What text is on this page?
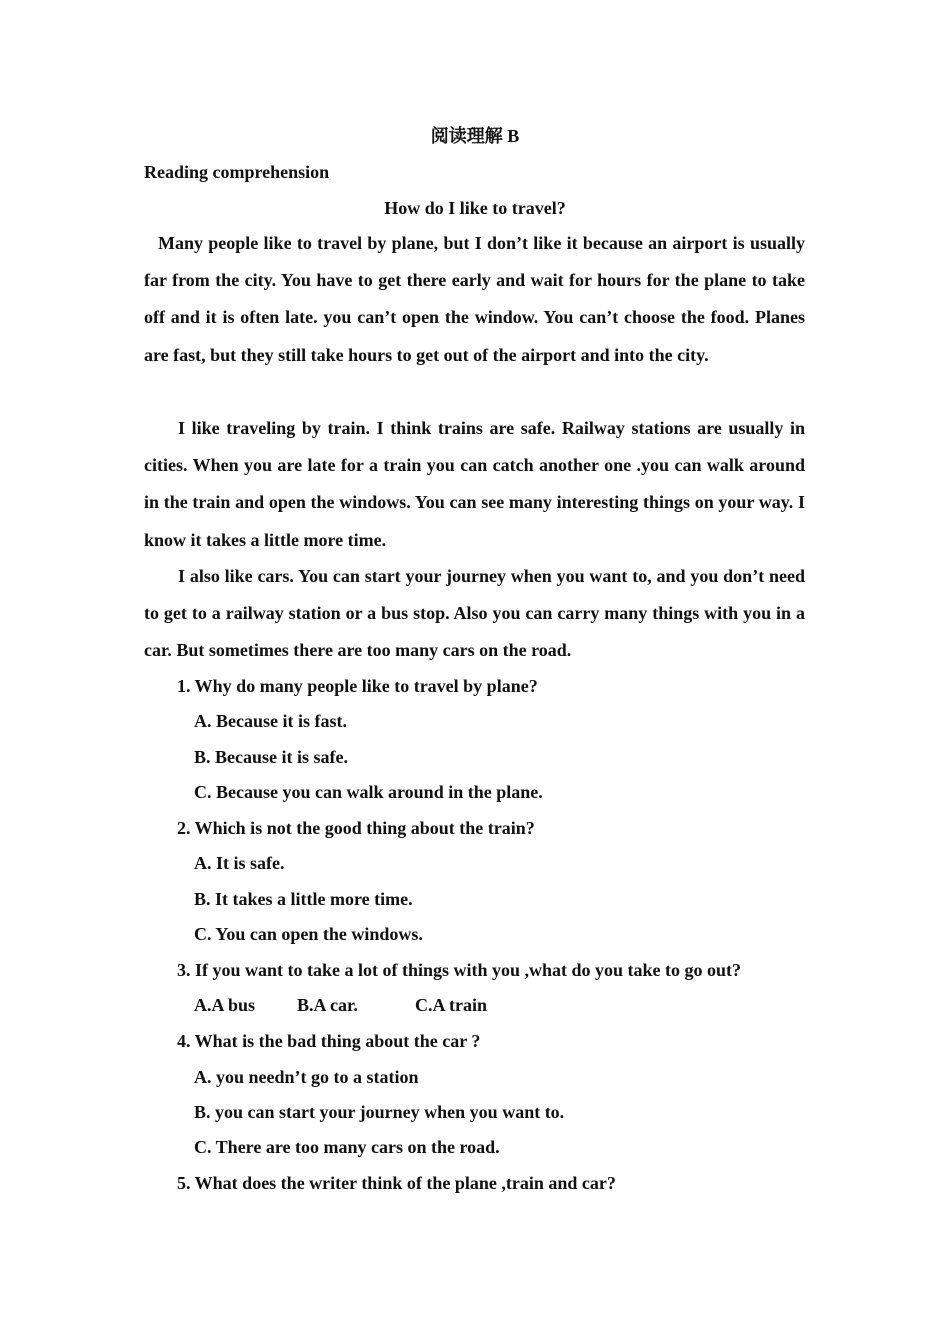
阅读理解 B
Reading comprehension
How do I like to travel?
Many people like to travel by plane, but I don’t like it because an airport is usually far from the city. You have to get there early and wait for hours for the plane to take off and it is often late. you can’t open the window. You can’t choose the food. Planes are fast, but they still take hours to get out of the airport and into the city.
I like traveling by train. I think trains are safe. Railway stations are usually in cities. When you are late for a train you can catch another one .you can walk around in the train and open the windows. You can see many interesting things on your way. I know it takes a little more time.
I also like cars. You can start your journey when you want to, and you don’t need to get to a railway station or a bus stop. Also you can carry many things with you in a car. But sometimes there are too many cars on the road.
1. Why do many people like to travel by plane?
A. Because it is fast.
B. Because it is safe.
C. Because you can walk around in the plane.
2. Which is not the good thing about the train?
A. It is safe.
B. It takes a little more time.
C. You can open the windows.
3. If you want to take a lot of things with you ,what do you take to go out?
A.A bus B.A car.	C.A train
4. What is the bad thing about the car ?
A. you needn’t go to a station
B. you can start your journey when you want to.
C. There are too many cars on the road.
5. What does the writer think of the plane ,train and car?
